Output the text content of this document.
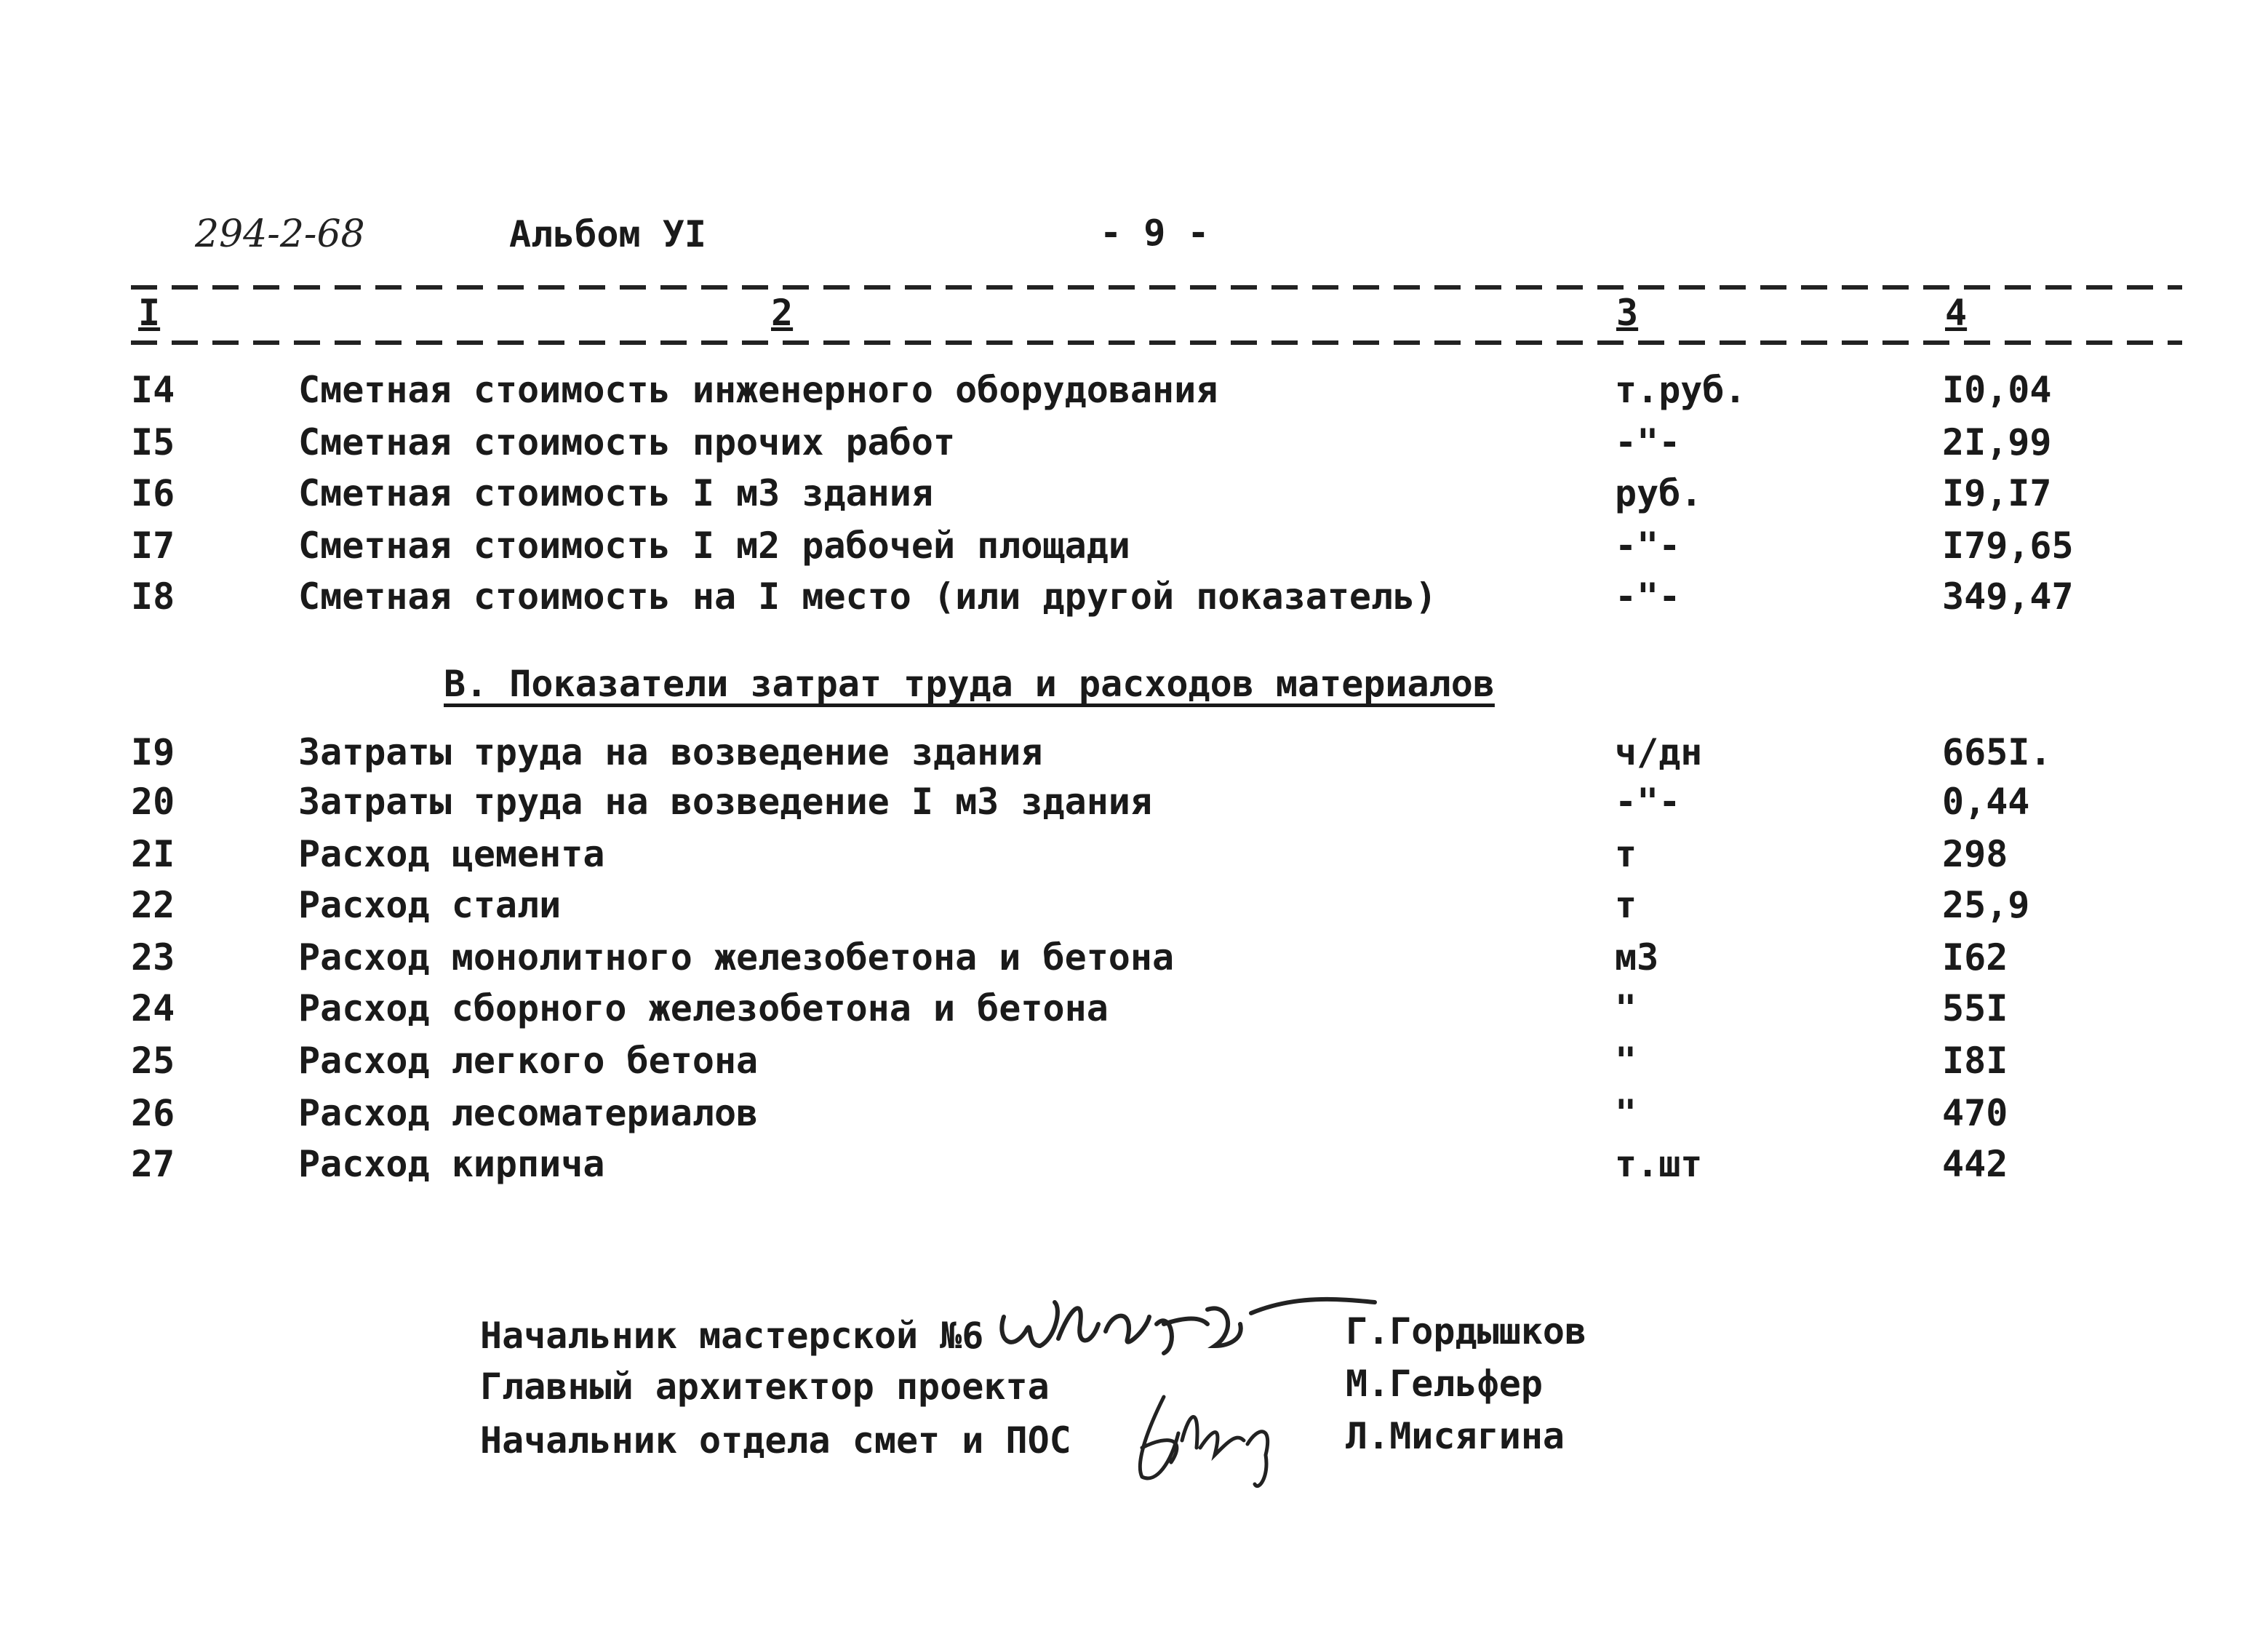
294-2-68	Альбом УI	- 9 -
I	2	3	4
I4	Сметная стоимость инженерного оборудования	т.руб.	I0,04
I5	Сметная стоимость прочих работ	-"-	2I,99
I6	Сметная стоимость I м3 здания	руб.	I9,I7
I7	Сметная стоимость I м2 рабочей площади	-"-	I79,65
I8	Сметная стоимость на I место (или другой показатель)	-"-	349,47
В. Показатели затрат труда и расходов материалов
I9	Затраты труда на возведение здания	ч/дн	665I.
20	Затраты труда на возведение I м3 здания	-"-	0,44
2I	Расход цемента	т	298
22	Расход стали	т	25,9
23	Расход монолитного железобетона и бетона	м3	I62
24	Расход сборного железобетона и бетона	"	55I
25	Расход легкого бетона	"	I8I
26	Расход лесоматериалов	"	470
27	Расход кирпича	т.шт	442
Начальник мастерской №6	Г.Гордышков
Главный архитектор проекта	М.Гельфер
Начальник отдела смет и ПОС	Л.Мисягина
